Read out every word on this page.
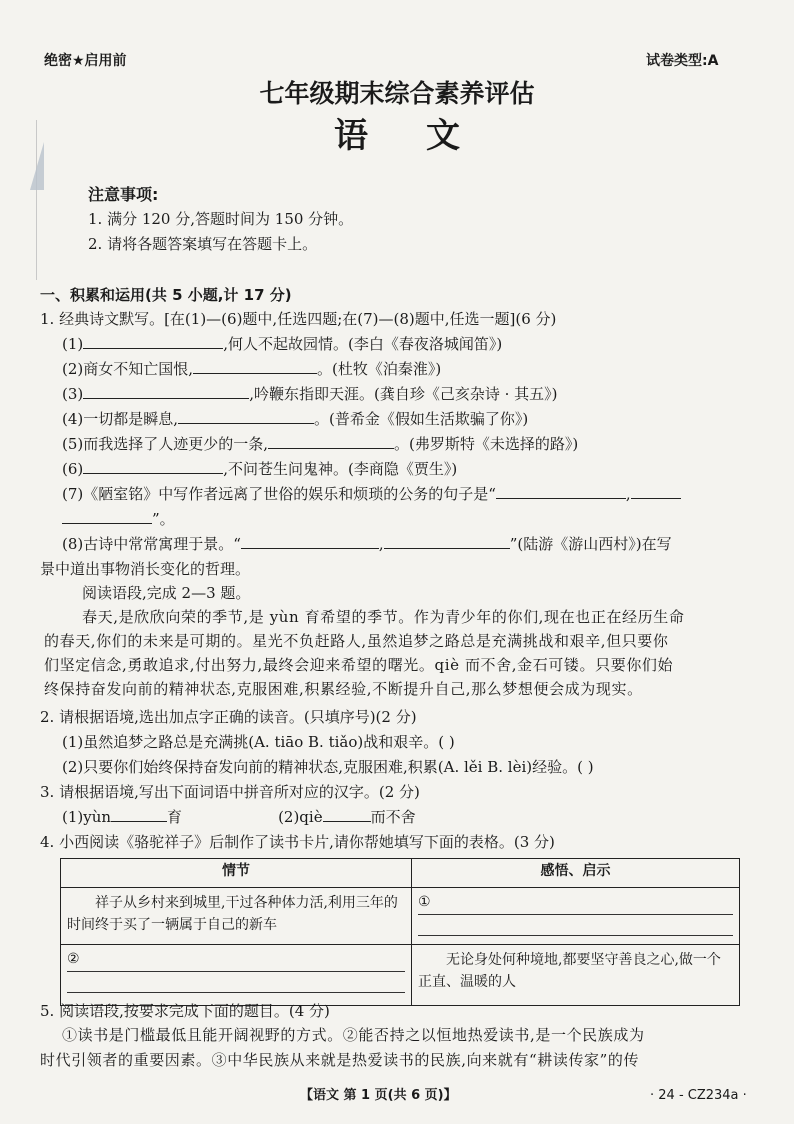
绝密★启用前	试卷类型:A
七年级期末综合素养评估
语文
注意事项:
1. 满分 120 分,答题时间为 150 分钟。
2. 请将各题答案填写在答题卡上。
一、积累和运用(共 5 小题,计 17 分)
1. 经典诗文默写。[在(1)—(6)题中,任选四题;在(7)—(8)题中,任选一题](6 分)
(1)	,何人不起故园情。(李白《春夜洛城闻笛》)
(2)商女不知亡国恨,	。(杜牧《泊秦淮》)
(3)	,吟鞭东指即天涯。(龚自珍《己亥杂诗 · 其五》)
(4)一切都是瞬息,	。(普希金《假如生活欺骗了你》)
(5)而我选择了人迹更少的一条,	。(弗罗斯特《未选择的路》)
(6)	,不问苍生问鬼神。(李商隐《贾生》)
(7)《陋室铭》中写作者远离了世俗的娱乐和烦琐的公务的句子是“	,
”。
(8)古诗中常常寓理于景。“	,	”(陆游《游山西村》)在写
景中道出事物消长变化的哲理。
阅读语段,完成 2—3 题。
春天,是欣欣向荣的季节,是 yùn 育希望的季节。作为青少年的你们,现在也正在经历生命
的春天,你们的未来是可期的。星光不负赶路人,虽然追梦之路总是充满挑战和艰辛,但只要你
们坚定信念,勇敢追求,付出努力,最终会迎来希望的曙光。qiè 而不舍,金石可镂。只要你们始
终保持奋发向前的精神状态,克服困难,积累经验,不断提升自己,那么梦想便会成为现实。
2. 请根据语境,选出加点字正确的读音。(只填序号)(2 分)
(1)虽然追梦之路总是充满挑(A. tiāo B. tiǎo)战和艰辛。( )
(2)只要你们始终保持奋发向前的精神状态,克服困难,积累(A. lěi B. lèi)经验。( )
3. 请根据语境,写出下面词语中拼音所对应的汉字。(2 分)
(1)yùn	育	(2)qiè	而不舍
4. 小西阅读《骆驼祥子》后制作了读书卡片,请你帮她填写下面的表格。(3 分)
情节	感悟、启示
祥子从乡村来到城里,干过各种体力活,利用三年的时间终于买了一辆属于自己的新车	①

②	无论身处何种境地,都要坚守善良之心,做一个正直、温暖的人
5. 阅读语段,按要求完成下面的题目。(4 分)
①读书是门槛最低且能开阔视野的方式。②能否持之以恒地热爱读书,是一个民族成为
时代引领者的重要因素。③中华民族从来就是热爱读书的民族,向来就有“耕读传家”的传
【语文 第 1 页(共 6 页)】	· 24 - CZ234a ·
